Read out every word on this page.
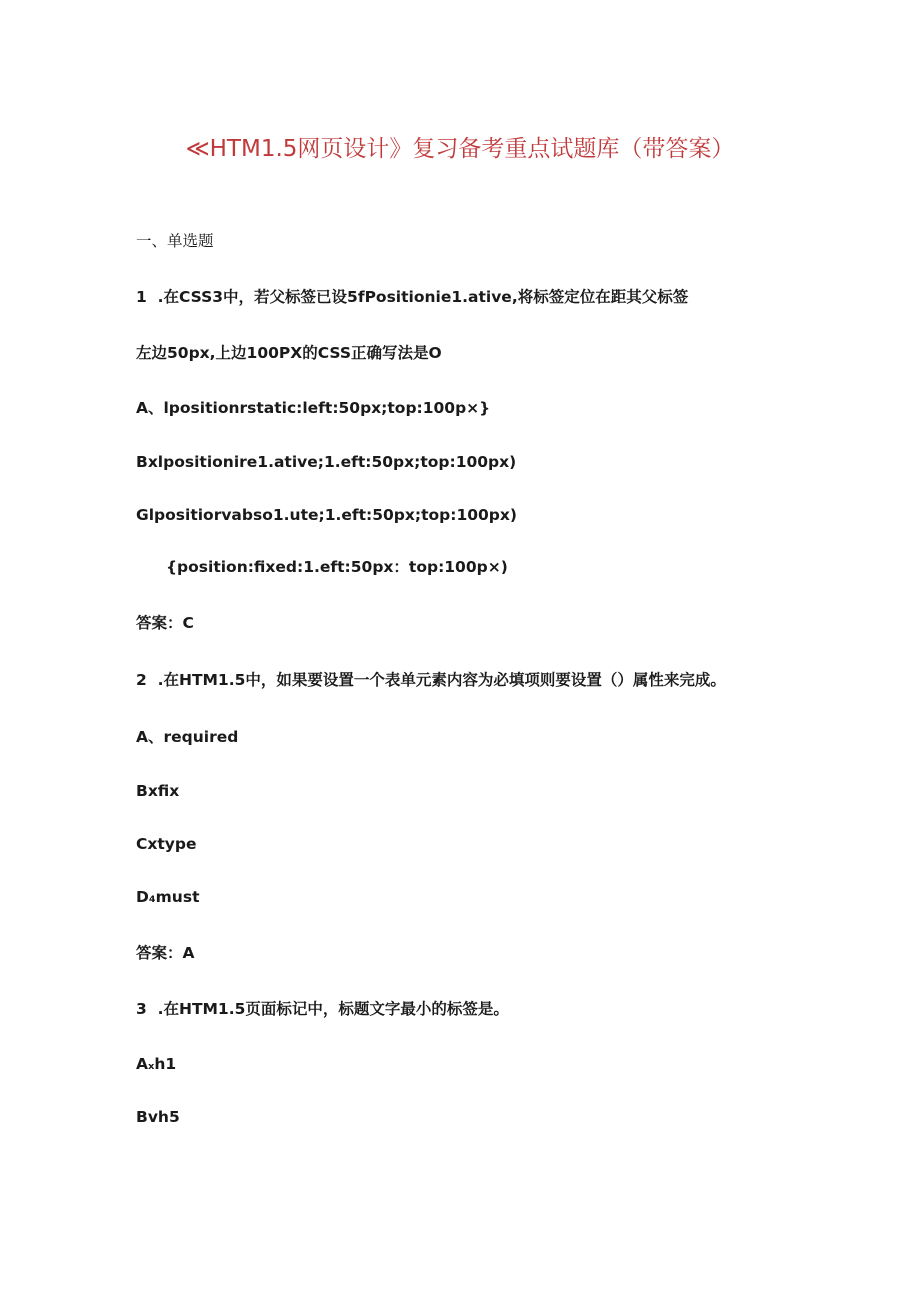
≪HTM1.5网页设计》复习备考重点试题库（带答案）
一、单选题
1  .在CSS3中，若父标签已设5fPositionie1.ative,将标签定位在距其父标签
左边50px,上边100PX的CSS正确写法是O
A、lpositionrstatic:left:50px;top:100p×}
Bxlpositionire1.ative;1.eft:50px;top:100px)
Glpositiorvabso1.ute;1.eft:50px;top:100px)
{position:fixed:1.eft:50px：top:100p×)
答案：C
2  .在HTM1.5中，如果要设置一个表单元素内容为必填项则要设置（）属性来完成。
A、required
Bxfix
Cxtype
D₄must
答案：A
3  .在HTM1.5页面标记中，标题文字最小的标签是。
Aₓh1
Bvh5
